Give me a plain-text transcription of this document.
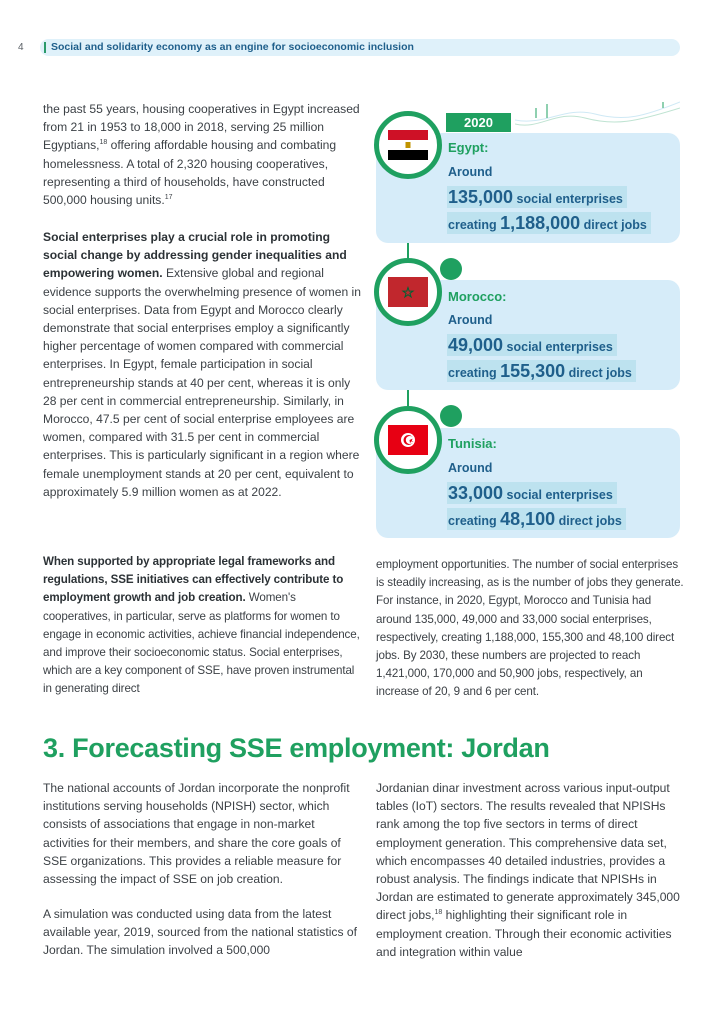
4	Social and solidarity economy as an engine for socioeconomic inclusion

the past 55 years, housing cooperatives in Egypt increased from 21 in 1953 to 18,000 in 2018, serving 25 million Egyptians,$^{18}$ offering affordable housing and combating homelessness. A total of 2,320 housing cooperatives, representing a third of households, have constructed 500,000 housing units.$^{17}$

Social enterprises play a crucial role in promoting social change by addressing gender inequalities and empowering women. Extensive global and regional evidence supports the overwhelming presence of women in social enterprises. Data from Egypt and Morocco clearly demonstrate that social enterprises employ a significantly higher percentage of women compared with commercial enterprises. In Egypt, female participation in social entrepreneurship stands at 40 per cent, whereas it is only 28 per cent in commercial entrepreneurship. Similarly, in Morocco, 47.5 per cent of social enterprise employees are women, compared with 31.5 per cent in commercial enterprises. This is particularly significant in a region where female unemployment stands at 20 per cent, equivalent to approximately 5.9 million women as at 2022.

When supported by appropriate legal frameworks and regulations, SSE initiatives can effectively contribute to employment growth and job creation. Women's cooperatives, in particular, serve as platforms for women to engage in economic activities, achieve financial independence, and improve their socioeconomic status. Social enterprises, which are a key component of SSE, have proven instrumental in generating direct

2020
Egypt:
Around
135,000 social enterprises
creating 1,188,000 direct jobs
Morocco:
Around
49,000 social enterprises
creating 155,300 direct jobs
Tunisia:
Around
33,000 social enterprises
creating 48,100 direct jobs

employment opportunities. The number of social enterprises is steadily increasing, as is the number of jobs they generate. For instance, in 2020, Egypt, Morocco and Tunisia had around 135,000, 49,000 and 33,000 social enterprises, respectively, creating 1,188,000, 155,300 and 48,100 direct jobs. By 2030, these numbers are projected to reach 1,421,000, 170,000 and 50,900 jobs, respectively, an increase of 20, 9 and 6 per cent.

3. Forecasting SSE employment: Jordan

The national accounts of Jordan incorporate the nonprofit institutions serving households (NPISH) sector, which consists of associations that engage in non-market activities for their members, and share the core goals of SSE organizations. This provides a reliable measure for assessing the impact of SSE on job creation.

A simulation was conducted using data from the latest available year, 2019, sourced from the national statistics of Jordan. The simulation involved a 500,000

Jordanian dinar investment across various input-output tables (IoT) sectors. The results revealed that NPISHs rank among the top five sectors in terms of direct employment generation. This comprehensive data set, which encompasses 40 detailed industries, provides a robust analysis. The findings indicate that NPISHs in Jordan are estimated to generate approximately 345,000 direct jobs,$^{18}$ highlighting their significant role in employment creation. Through their economic activities and integration within value
